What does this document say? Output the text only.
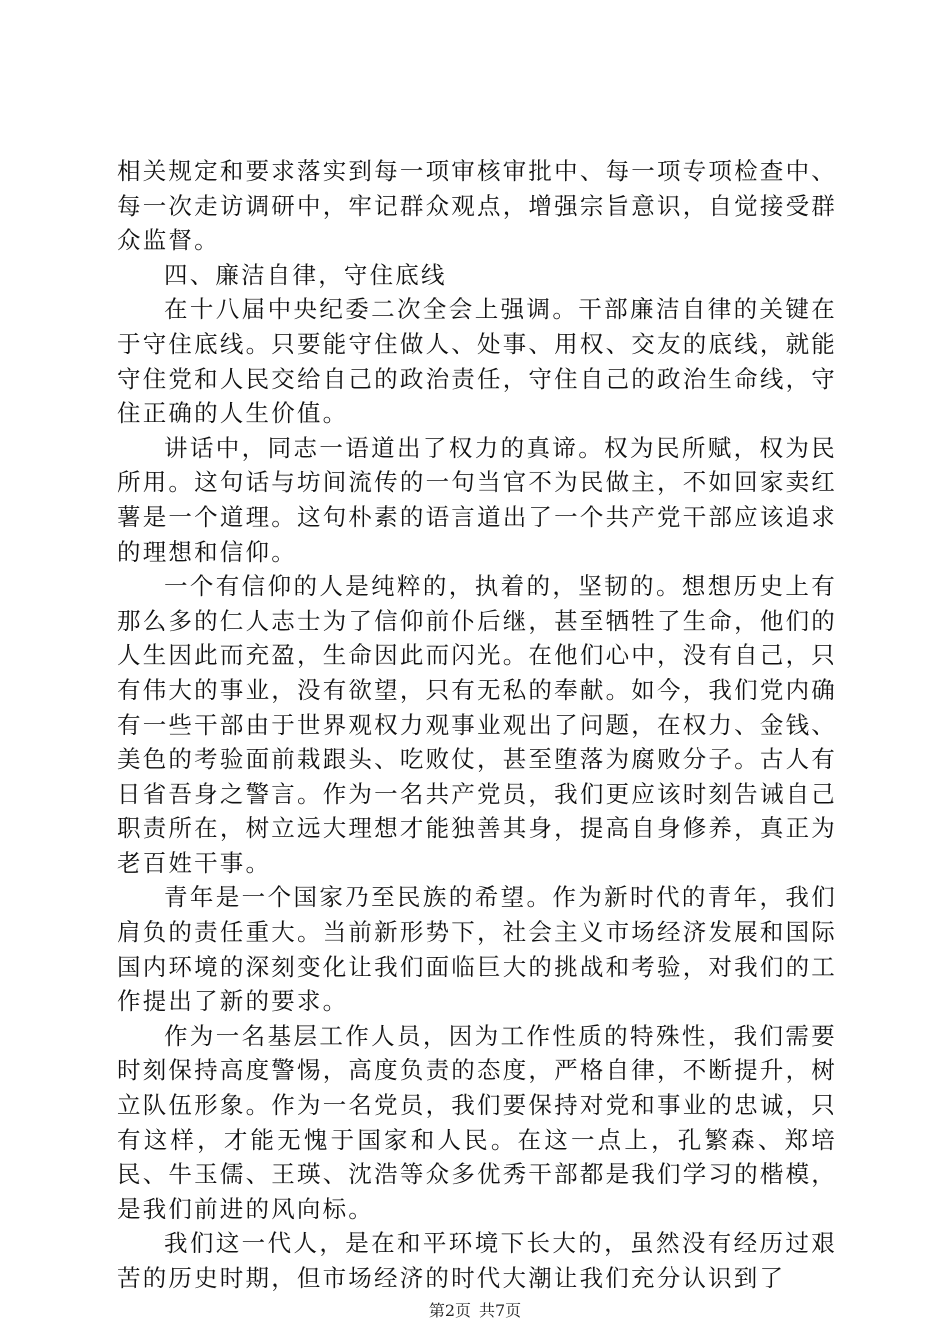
相关规定和要求落实到每一项审核审批中、每一项专项检查中、每一次走访调研中，牢记群众观点，增强宗旨意识，自觉接受群众监督。

四、廉洁自律，守住底线

在十八届中央纪委二次全会上强调。干部廉洁自律的关键在于守住底线。只要能守住做人、处事、用权、交友的底线，就能守住党和人民交给自己的政治责任，守住自己的政治生命线，守住正确的人生价值。

讲话中，同志一语道出了权力的真谛。权为民所赋，权为民所用。这句话与坊间流传的一句当官不为民做主，不如回家卖红薯是一个道理。这句朴素的语言道出了一个共产党干部应该追求的理想和信仰。

一个有信仰的人是纯粹的，执着的，坚韧的。想想历史上有那么多的仁人志士为了信仰前仆后继，甚至牺牲了生命，他们的人生因此而充盈，生命因此而闪光。在他们心中，没有自己，只有伟大的事业，没有欲望，只有无私的奉献。如今，我们党内确有一些干部由于世界观权力观事业观出了问题，在权力、金钱、美色的考验面前栽跟头、吃败仗，甚至堕落为腐败分子。古人有日省吾身之警言。作为一名共产党员，我们更应该时刻告诫自己职责所在，树立远大理想才能独善其身，提高自身修养，真正为老百姓干事。

青年是一个国家乃至民族的希望。作为新时代的青年，我们肩负的责任重大。当前新形势下，社会主义市场经济发展和国际国内环境的深刻变化让我们面临巨大的挑战和考验，对我们的工作提出了新的要求。

作为一名基层工作人员，因为工作性质的特殊性，我们需要时刻保持高度警惕，高度负责的态度，严格自律，不断提升，树立队伍形象。作为一名党员，我们要保持对党和事业的忠诚，只有这样，才能无愧于国家和人民。在这一点上，孔繁森、郑培民、牛玉儒、王瑛、沈浩等众多优秀干部都是我们学习的楷模，是我们前进的风向标。

我们这一代人，是在和平环境下长大的，虽然没有经历过艰苦的历史时期，但市场经济的时代大潮让我们充分认识到了

第2页 共7页
